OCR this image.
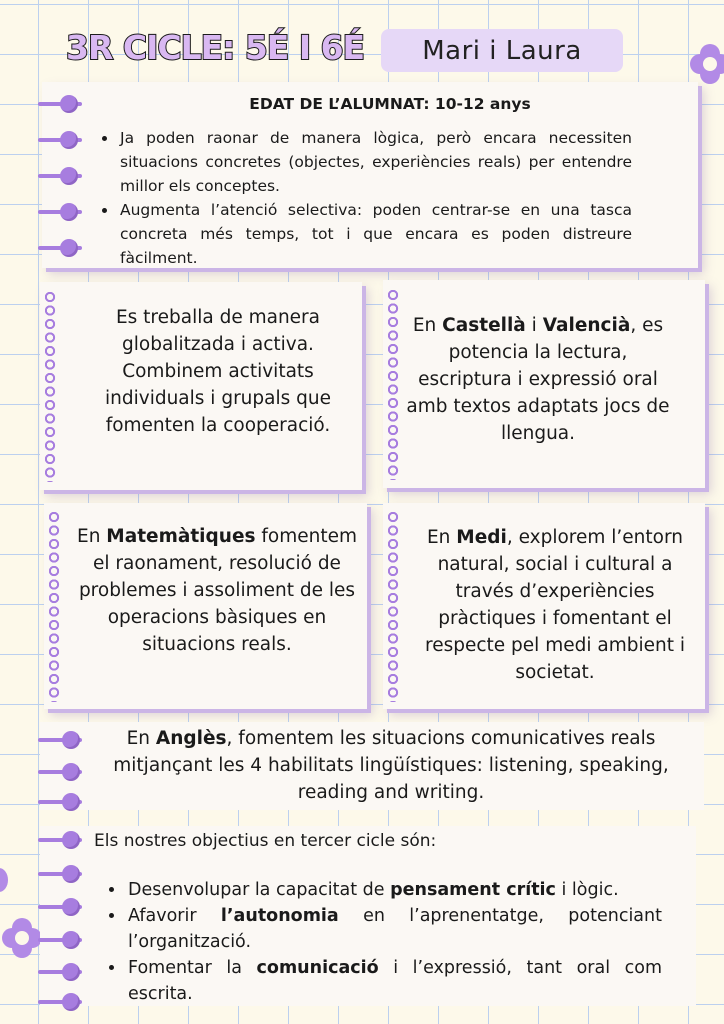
3R CICLE: 5É I 6É	Mari i Laura
EDAT DE L’ALUMNAT: 10-12 anys
• Ja poden raonar de manera lògica, però encara necessiten situacions concretes (objectes, experiències reals) per entendre millor els conceptes.
• Augmenta l’atenció selectiva: poden centrar-se en una tasca concreta més temps, tot i que encara es poden distreure fàcilment.
Es treballa de manera globalitzada i activa. Combinem activitats individuals i grupals que fomenten la cooperació.
En Castellà i Valencià, es potencia la lectura, escriptura i expressió oral amb textos adaptats jocs de llengua.
En Matemàtiques fomentem el raonament, resolució de problemes i assoliment de les operacions bàsiques en situacions reals.
En Medi, explorem l’entorn natural, social i cultural a través d’experiències pràctiques i fomentant el respecte pel medi ambient i societat.
En Anglès, fomentem les situacions comunicatives reals mitjançant les 4 habilitats lingüístiques: listening, speaking, reading and writing.
Els nostres objectius en tercer cicle són:
• Desenvolupar la capacitat de pensament crític i lògic.
• Afavorir l’autonomia en l’aprenentatge, potenciant l’organització.
• Fomentar la comunicació i l’expressió, tant oral com escrita.
